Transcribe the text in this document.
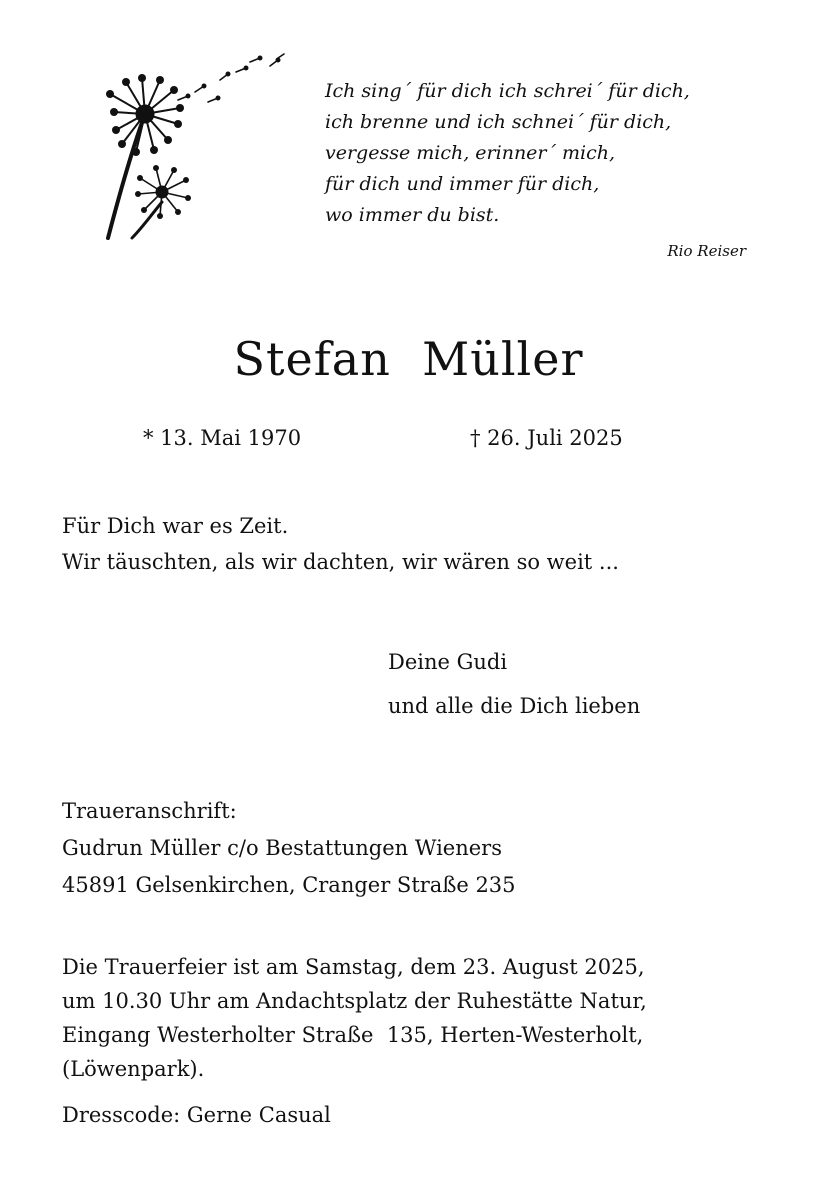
Ich sing´ für dich ich schrei´ für dich,
ich brenne und ich schnei´ für dich,
vergesse mich, erinner´ mich,
für dich und immer für dich,
wo immer du bist.
Rio Reiser
Stefan  Müller
* 13. Mai 1970	† 26. Juli 2025
Für Dich war es Zeit.
Wir täuschten, als wir dachten, wir wären so weit ...
Deine Gudi
und alle die Dich lieben
Traueranschrift:
Gudrun Müller c/o Bestattungen Wieners
45891 Gelsenkirchen, Cranger Straße 235
Die Trauerfeier ist am Samstag, dem 23. August 2025,
um 10.30 Uhr am Andachtsplatz der Ruhestätte Natur,
Eingang Westerholter Straße  135, Herten-Westerholt,
(Löwenpark).
Dresscode: Gerne Casual
